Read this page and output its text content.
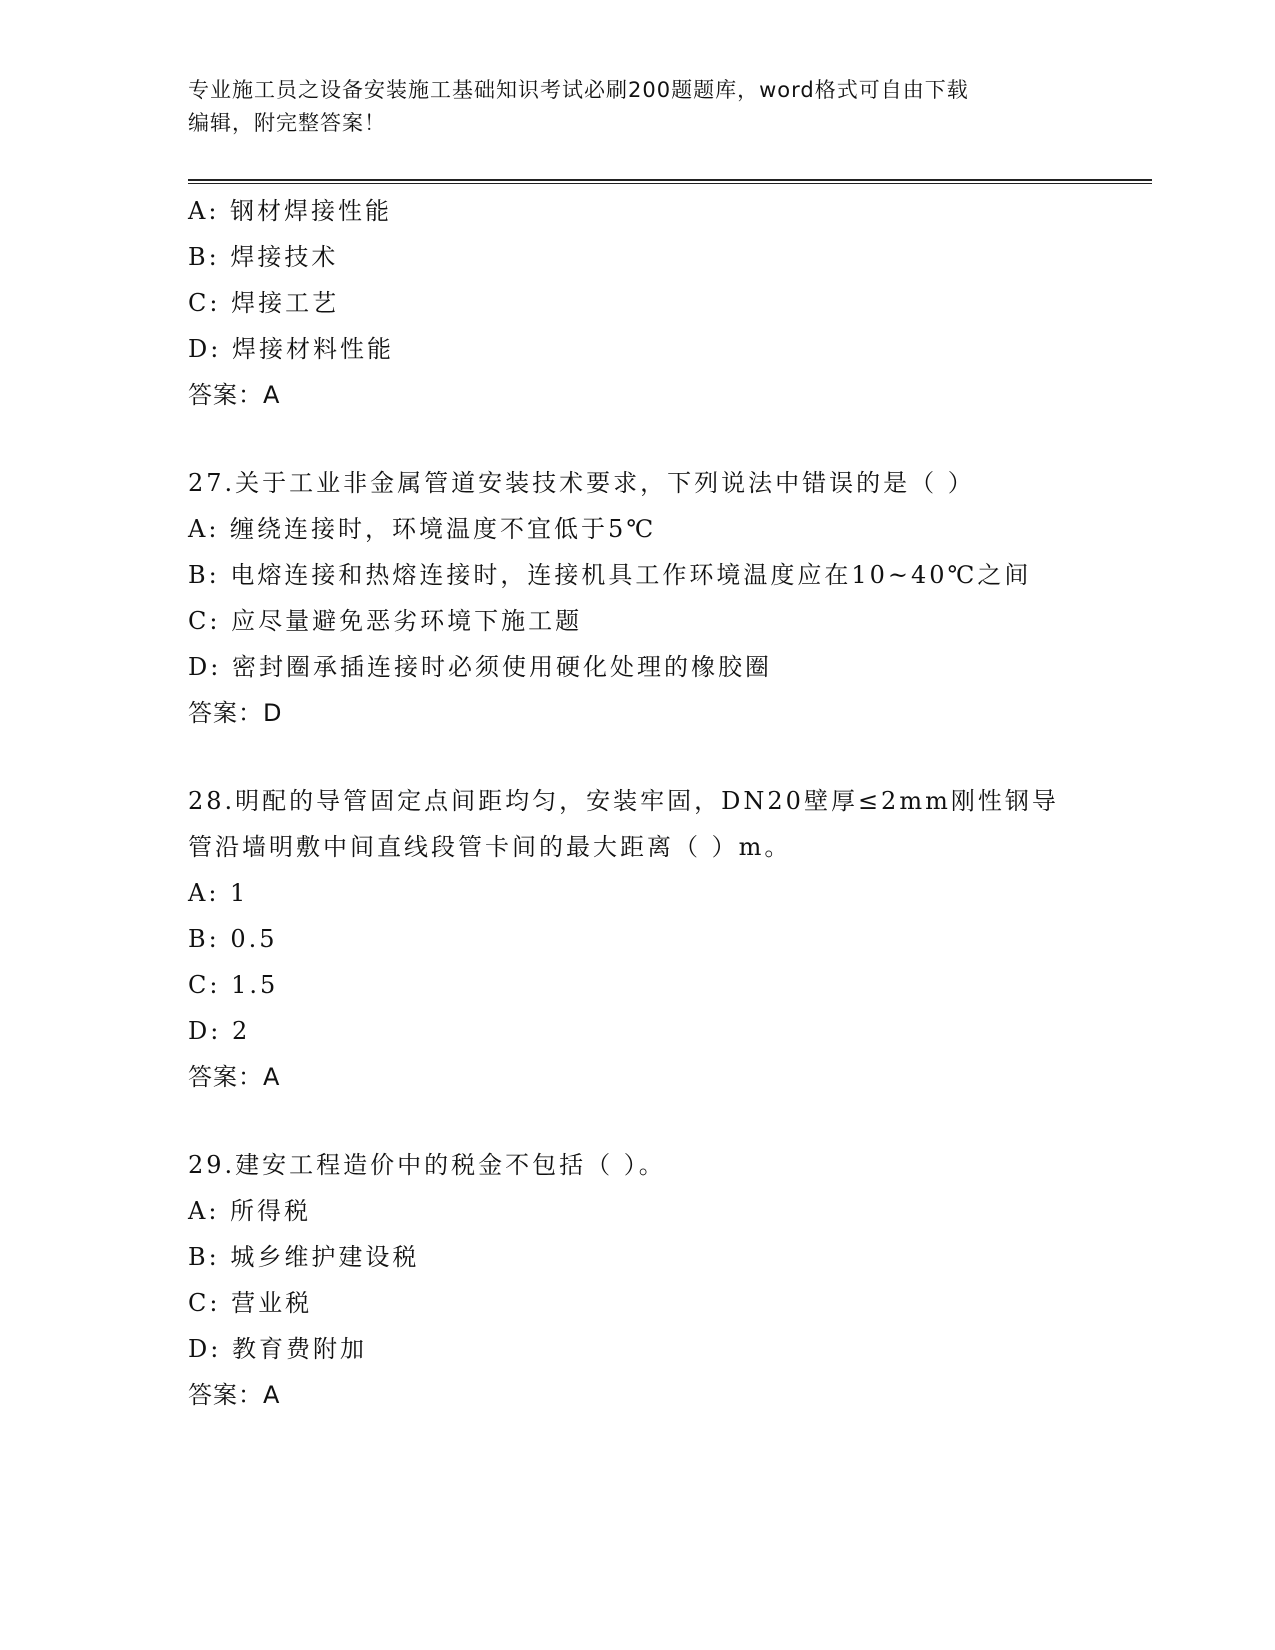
专业施工员之设备安装施工基础知识考试必刷200题题库，word格式可自由下载
编辑，附完整答案！
A: 钢材焊接性能
B: 焊接技术
C: 焊接工艺
D: 焊接材料性能
答案：A
27.关于工业非金属管道安装技术要求，下列说法中错误的是（ ）
A: 缠绕连接时，环境温度不宜低于5℃
B: 电熔连接和热熔连接时，连接机具工作环境温度应在10~40℃之间
C: 应尽量避免恶劣环境下施工题
D: 密封圈承插连接时必须使用硬化处理的橡胶圈
答案：D
28.明配的导管固定点间距均匀，安装牢固，DN20壁厚≤2mm刚性钢导
管沿墙明敷中间直线段管卡间的最大距离（ ）m。
A: 1
B: 0.5
C: 1.5
D: 2
答案：A
29.建安工程造价中的税金不包括（ ）。
A: 所得税
B: 城乡维护建设税
C: 营业税
D: 教育费附加
答案：A
